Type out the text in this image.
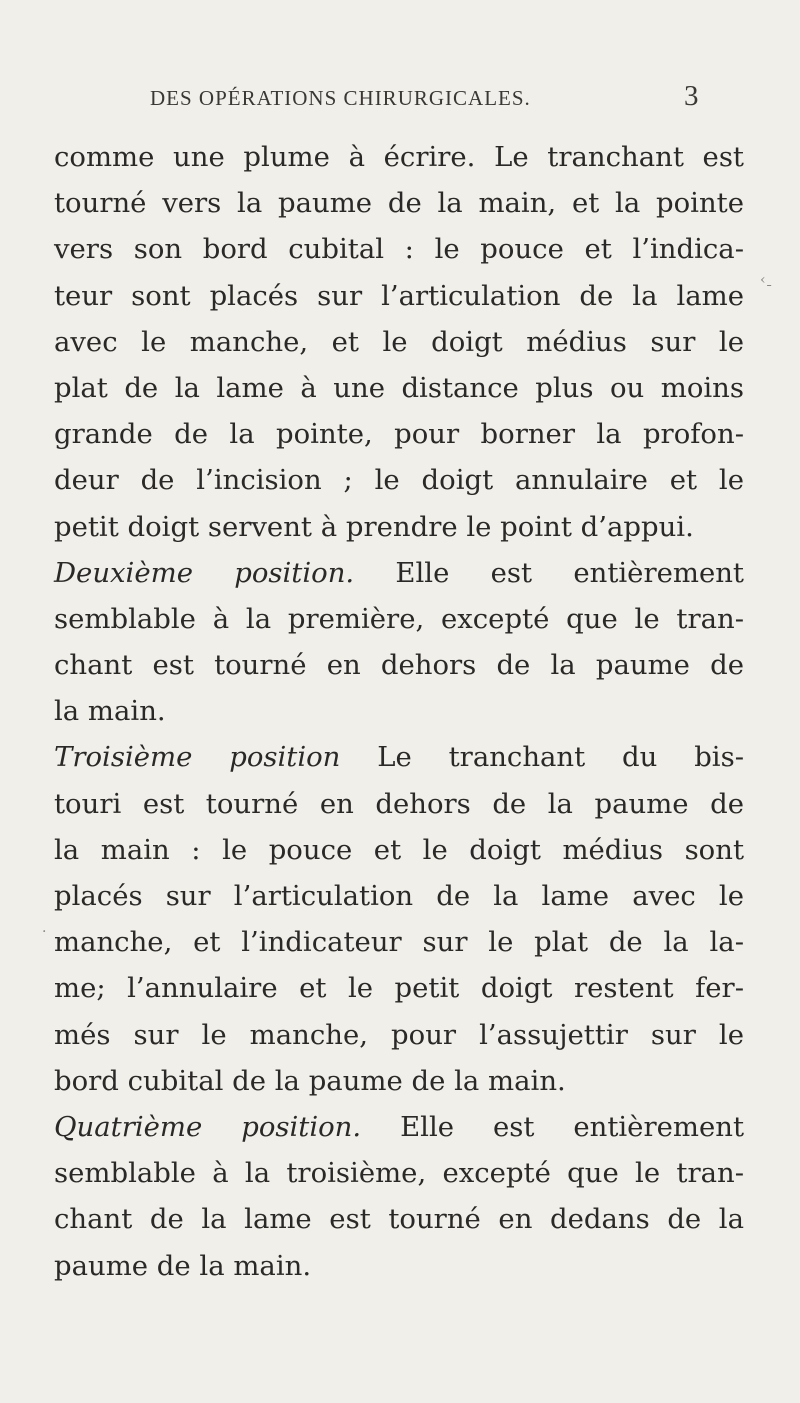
DES OPÉRATIONS CHIRURGICALES.	3
comme une plume à écrire. Le tranchant est
tourné vers la paume de la main, et la pointe
vers son bord cubital : le pouce et l’indica-
teur sont placés sur l’articulation de la lame
avec le manche, et le doigt médius sur le
plat de la lame à une distance plus ou moins
grande de la pointe, pour borner la profon-
deur de l’incision ; le doigt annulaire et le
petit doigt servent à prendre le point d’appui.
Deuxième position. Elle est entièrement
semblable à la première, excepté que le tran-
chant est tourné en dehors de la paume de
la main.
Troisième position Le tranchant du bis-
touri est tourné en dehors de la paume de
la main : le pouce et le doigt médius sont
placés sur l’articulation de la lame avec le
manche, et l’indicateur sur le plat de la la-
me; l’annulaire et le petit doigt restent fer-
més sur le manche, pour l’assujettir sur le
bord cubital de la paume de la main.
Quatrième position. Elle est entièrement
semblable à la troisième, excepté que le tran-
chant de la lame est tourné en dedans de la
paume de la main.
‹ˍ
·
